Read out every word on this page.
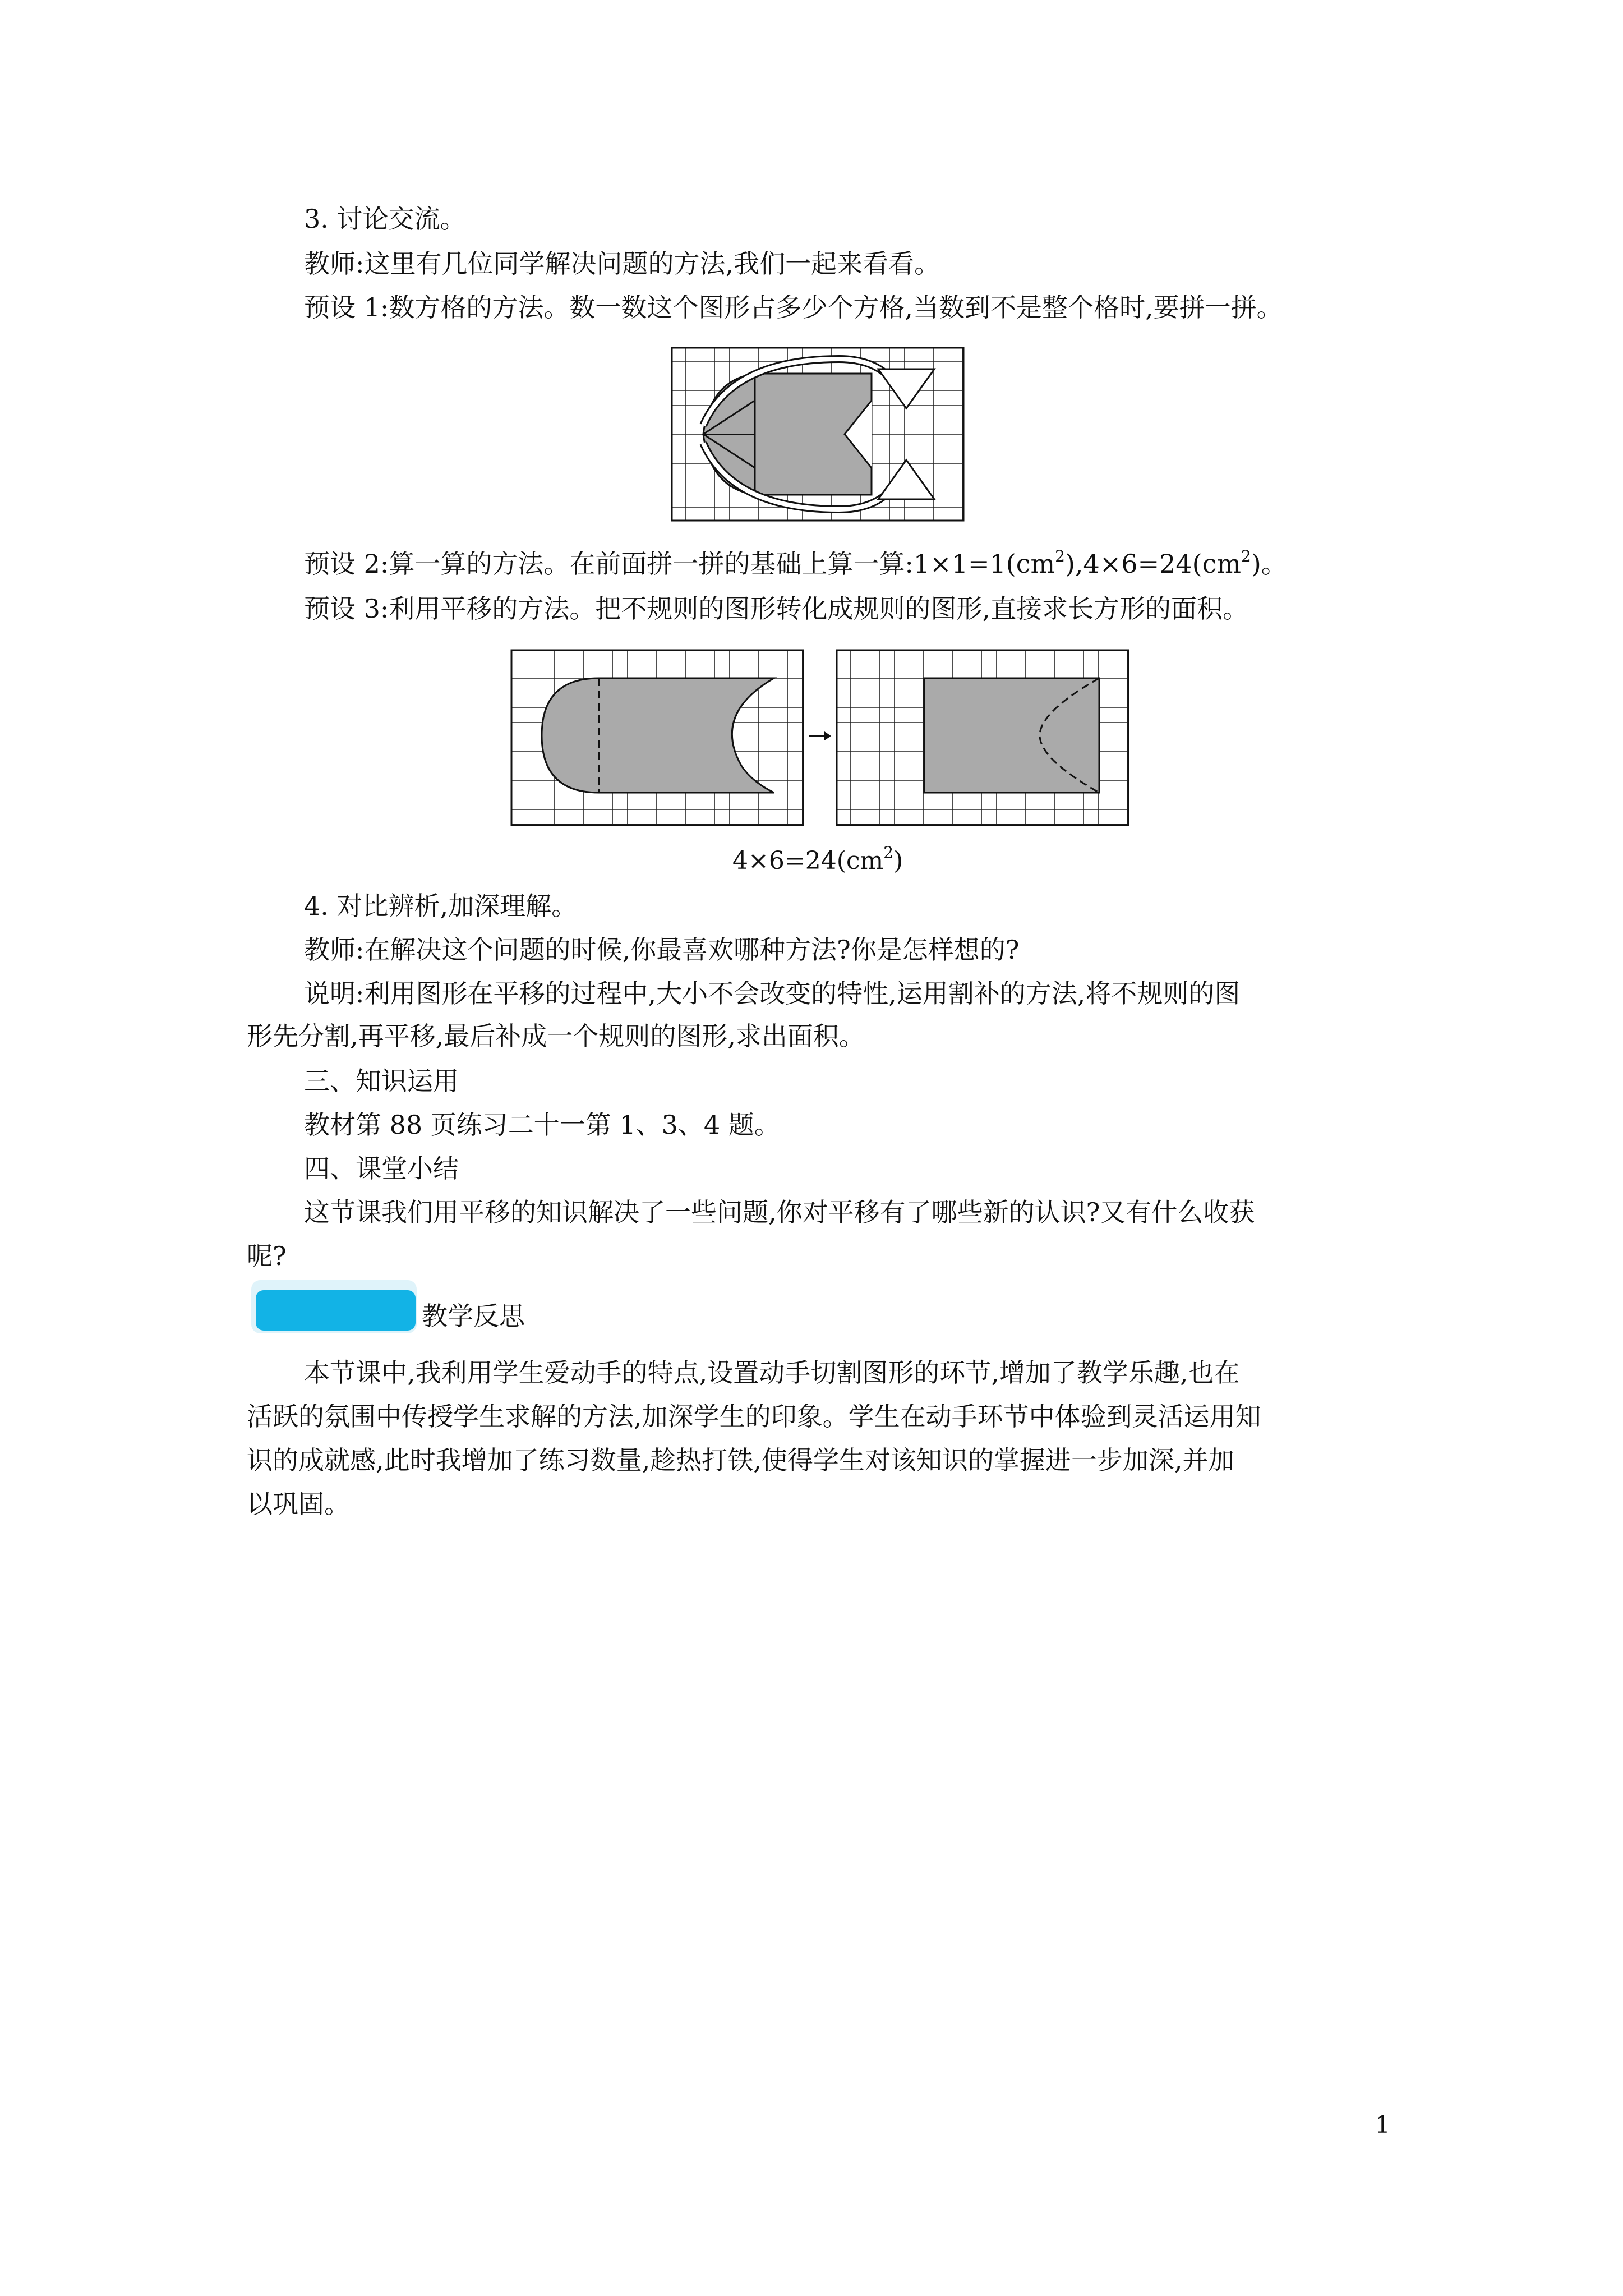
3. 讨论交流。
教师:这里有几位同学解决问题的方法,我们一起来看看。
预设 1:数方格的方法。数一数这个图形占多少个方格,当数到不是整个格时,要拼一拼。
预设 2:算一算的方法。在前面拼一拼的基础上算一算$:1\times 1=1(cm^2),4\times 6=24(cm^2)$。
预设 3:利用平移的方法。把不规则的图形转化成规则的图形,直接求长方形的面积。
$4\times 6=24(cm^2)$
4. 对比辨析,加深理解。
教师:在解决这个问题的时候,你最喜欢哪种方法?你是怎样想的?
说明:利用图形在平移的过程中,大小不会改变的特性,运用割补的方法,将不规则的图
形先分割,再平移,最后补成一个规则的图形,求出面积。
三、知识运用
教材第 88 页练习二十一第 1、3、4 题。
四、课堂小结
这节课我们用平移的知识解决了一些问题,你对平移有了哪些新的认识?又有什么收获
呢?
教学反思
本节课中,我利用学生爱动手的特点,设置动手切割图形的环节,增加了教学乐趣,也在
活跃的氛围中传授学生求解的方法,加深学生的印象。学生在动手环节中体验到灵活运用知
识的成就感,此时我增加了练习数量,趁热打铁,使得学生对该知识的掌握进一步加深,并加
以巩固。
1
